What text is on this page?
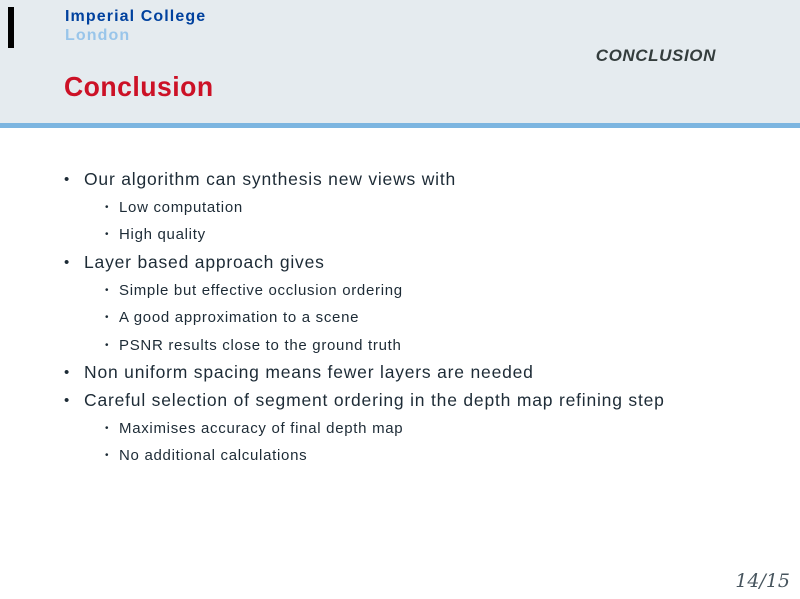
Imperial College
London
CONCLUSION
Conclusion
• Our algorithm can synthesis new views with
• Low computation
• High quality
• Layer based approach gives
• Simple but effective occlusion ordering
• A good approximation to a scene
• PSNR results close to the ground truth
• Non uniform spacing means fewer layers are needed
• Careful selection of segment ordering in the depth map refining step
• Maximises accuracy of final depth map
• No additional calculations
14/15
